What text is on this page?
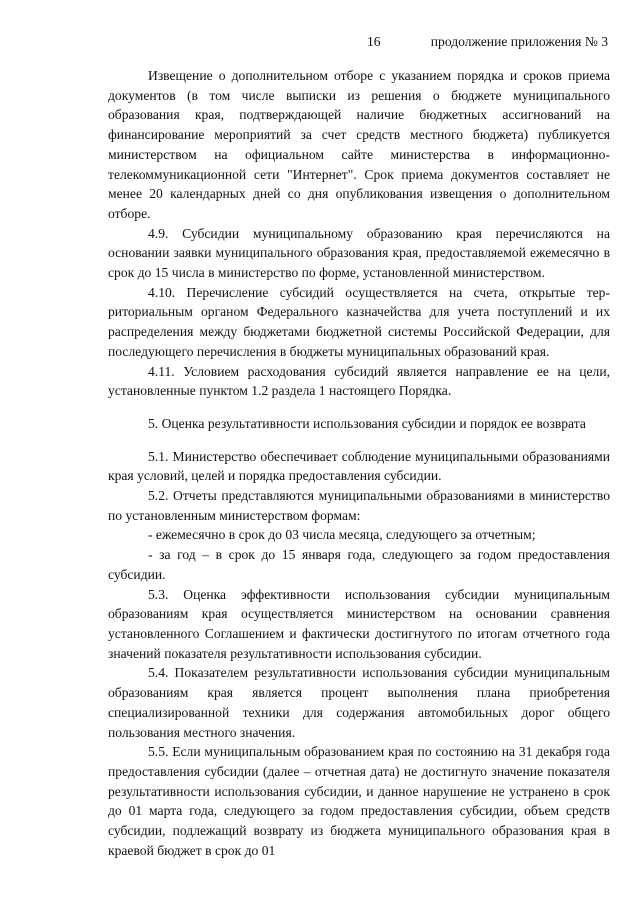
16	продолжение приложения № 3

Извещение о дополнительном отборе с указанием порядка и сроков приема документов (в том числе выписки из решения о бюджете муниципального образования края, подтверждающей наличие бюджетных ассигнований на финансирование мероприятий за счет средств местного бюджета) публикуется министерством на официальном сайте министерства в информационно-телекоммуникационной сети "Интернет". Срок приема документов составляет не менее 20 календарных дней со дня опубликования извещения о дополнительном отборе.

4.9. Субсидии муниципальному образованию края перечисляются на основании заявки муниципального образования края, предоставляемой ежемесячно в срок до 15 числа в министерство по форме, установленной министерством.

4.10. Перечисление субсидий осуществляется на счета, открытые территориальным органом Федерального казначейства для учета поступлений и их распределения между бюджетами бюджетной системы Российской Федерации, для последующего перечисления в бюджеты муниципальных образований края.

4.11. Условием расходования субсидий является направление ее на цели, установленные пунктом 1.2 раздела 1 настоящего Порядка.

5. Оценка результативности использования субсидии и порядок ее возврата

5.1. Министерство обеспечивает соблюдение муниципальными образованиями края условий, целей и порядка предоставления субсидии.

5.2. Отчеты представляются муниципальными образованиями в министерство по установленным министерством формам:

- ежемесячно в срок до 03 числа месяца, следующего за отчетным;

- за год – в срок до 15 января года, следующего за годом предоставления субсидии.

5.3. Оценка эффективности использования субсидии муниципальным образованиям края осуществляется министерством на основании сравнения установленного Соглашением и фактически достигнутого по итогам отчетного года значений показателя результативности использования субсидии.

5.4. Показателем результативности использования субсидии муниципальным образованиям края является процент выполнения плана приобретения специализированной техники для содержания автомобильных дорог общего пользования местного значения.

5.5. Если муниципальным образованием края по состоянию на 31 декабря года предоставления субсидии (далее – отчетная дата) не достигнуто значение показателя результативности использования субсидии, и данное нарушение не устранено в срок до 01 марта года, следующего за годом предоставления субсидии, объем средств субсидии, подлежащий возврату из бюджета муниципального образования края в краевой бюджет в срок до 01
